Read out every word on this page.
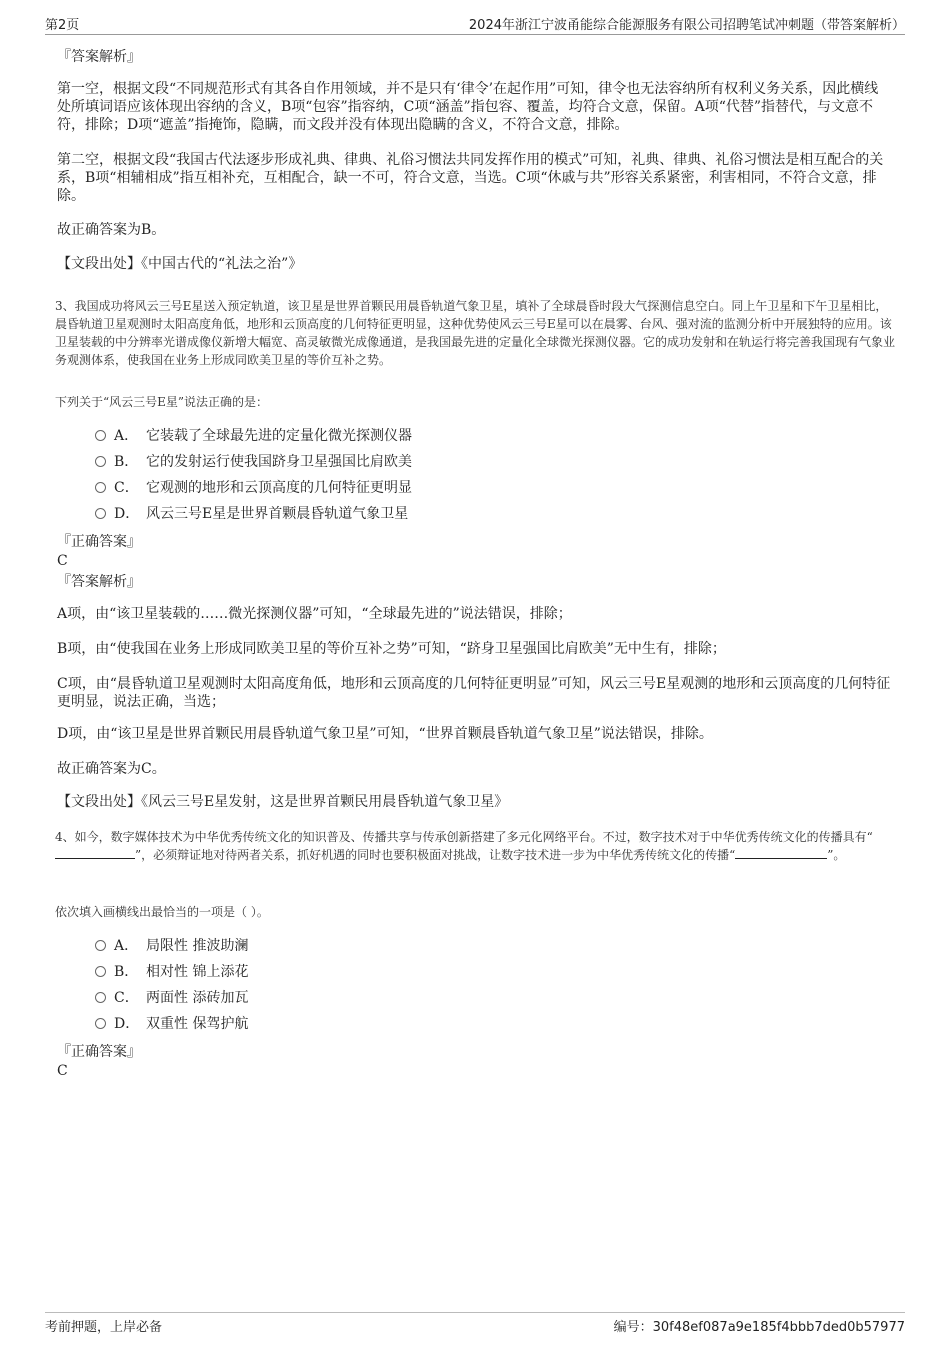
第2页	2024年浙江宁波甬能综合能源服务有限公司招聘笔试冲刺题（带答案解析）
『答案解析』
第一空，根据文段“不同规范形式有其各自作用领域，并不是只有‘律令’在起作用”可知，律令也无法容纳所有权利义务关系，因此横线处所填词语应该体现出容纳的含义，B项“包容”指容纳，C项“涵盖”指包容、覆盖，均符合文意，保留。A项“代替”指替代，与文意不符，排除；D项“遮盖”指掩饰，隐瞒，而文段并没有体现出隐瞒的含义，不符合文意，排除。
第二空，根据文段“我国古代法逐步形成礼典、律典、礼俗习惯法共同发挥作用的模式”可知，礼典、律典、礼俗习惯法是相互配合的关系，B项“相辅相成”指互相补充，互相配合，缺一不可，符合文意，当选。C项“休戚与共”形容关系紧密，利害相同，不符合文意，排除。
故正确答案为B。
【文段出处】《中国古代的“礼法之治”》
3、我国成功将风云三号E星送入预定轨道，该卫星是世界首颗民用晨昏轨道气象卫星，填补了全球晨昏时段大气探测信息空白。同上午卫星和下午卫星相比，晨昏轨道卫星观测时太阳高度角低，地形和云顶高度的几何特征更明显，这种优势使风云三号E星可以在晨雾、台风、强对流的监测分析中开展独特的应用。该卫星装载的中分辨率光谱成像仪新增大幅宽、高灵敏微光成像通道，是我国最先进的定量化全球微光探测仪器。它的成功发射和在轨运行将完善我国现有气象业务观测体系，使我国在业务上形成同欧美卫星的等价互补之势。
下列关于“风云三号E星”说法正确的是：
A． 它装载了全球最先进的定量化微光探测仪器
B． 它的发射运行使我国跻身卫星强国比肩欧美
C． 它观测的地形和云顶高度的几何特征更明显
D． 风云三号E星是世界首颗晨昏轨道气象卫星
『正确答案』
C
『答案解析』
A项，由“该卫星装载的……微光探测仪器”可知，“全球最先进的”说法错误，排除；
B项，由“使我国在业务上形成同欧美卫星的等价互补之势”可知，“跻身卫星强国比肩欧美”无中生有，排除；
C项，由“晨昏轨道卫星观测时太阳高度角低，地形和云顶高度的几何特征更明显”可知，风云三号E星观测的地形和云顶高度的几何特征更明显，说法正确，当选；
D项，由“该卫星是世界首颗民用晨昏轨道气象卫星”可知，“世界首颗晨昏轨道气象卫星”说法错误，排除。
故正确答案为C。
【文段出处】《风云三号E星发射，这是世界首颗民用晨昏轨道气象卫星》
4、如今，数字媒体技术为中华优秀传统文化的知识普及、传播共享与传承创新搭建了多元化网络平台。不过，数字技术对于中华优秀传统文化的传播具有“”，必须辩证地对待两者关系，抓好机遇的同时也要积极面对挑战，让数字技术进一步为中华优秀传统文化的传播“	”。
依次填入画横线出最恰当的一项是（ ）。
A． 局限性 推波助澜
B． 相对性 锦上添花
C． 两面性 添砖加瓦
D． 双重性 保驾护航
『正确答案』
C
考前押题，上岸必备	编号：30f48ef087a9e185f4bbb7ded0b57977
